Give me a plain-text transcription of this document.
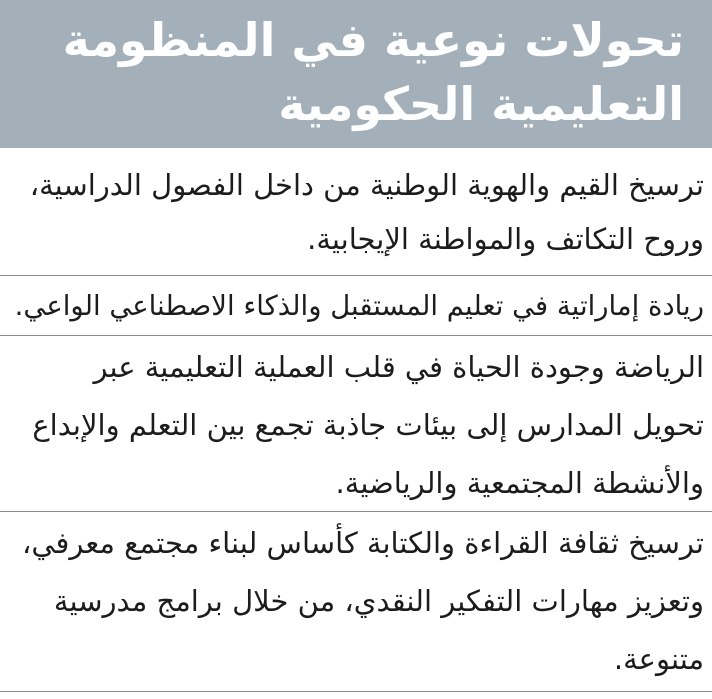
تحولات نوعية في المنظومة
التعليمية الحكومية
ترسيخ القيم والهوية الوطنية من داخل الفصول الدراسية،
وروح التكاتف والمواطنة الإيجابية.
ريادة إماراتية في تعليم المستقبل والذكاء الاصطناعي الواعي.
الرياضة وجودة الحياة في قلب العملية التعليمية عبر
تحويل المدارس إلى بيئات جاذبة تجمع بين التعلم والإبداع
والأنشطة المجتمعية والرياضية.
ترسيخ ثقافة القراءة والكتابة كأساس لبناء مجتمع معرفي،
وتعزيز مهارات التفكير النقدي، من خلال برامج مدرسية
متنوعة.
